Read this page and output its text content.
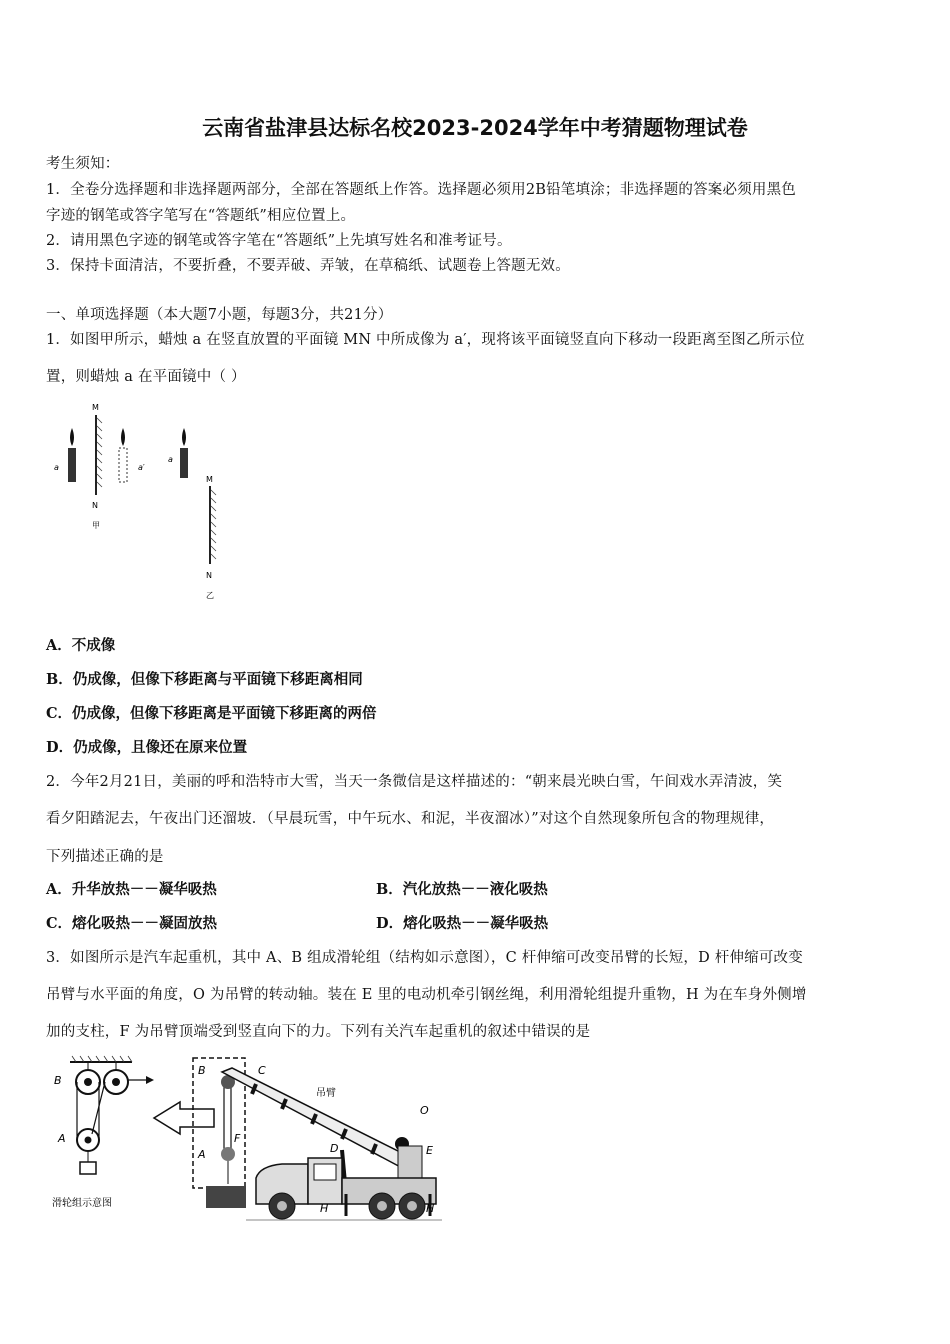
云南省盐津县达标名校2023-2024学年中考猜题物理试卷
考生须知：
1．全卷分选择题和非选择题两部分，全部在答题纸上作答。选择题必须用2B铅笔填涂；非选择题的答案必须用黑色
字迹的钢笔或答字笔写在“答题纸”相应位置上。
2．请用黑色字迹的钢笔或答字笔在“答题纸”上先填写姓名和准考证号。
3．保持卡面清洁，不要折叠，不要弄破、弄皱，在草稿纸、试题卷上答题无效。
一、单项选择题（本大题7小题，每题3分，共21分）
1．如图甲所示，蜡烛 a 在竖直放置的平面镜 MN 中所成像为 a′，现将该平面镜竖直向下移动一段距离至图乙所示位
置，则蜡烛 a 在平面镜中（ ）
M
N
甲
a	a′
a
M
N
乙
A．不成像
B．仍成像，但像下移距离与平面镜下移距离相同
C．仍成像，但像下移距离是平面镜下移距离的两倍
D．仍成像，且像还在原来位置
2．今年2月21日，美丽的呼和浩特市大雪，当天一条微信是这样描述的：“朝来晨光映白雪，午间戏水弄清波，笑
看夕阳踏泥去，午夜出门还溜坡．（早晨玩雪，中午玩水、和泥，半夜溜冰）”对这个自然现象所包含的物理规律，
下列描述正确的是
A．升华放热－－凝华吸热	B．汽化放热－－液化吸热
C．熔化吸热－－凝固放热	D．熔化吸热－－凝华吸热
3．如图所示是汽车起重机，其中 A、B 组成滑轮组（结构如示意图），C 杆伸缩可改变吊臂的长短，D 杆伸缩可改变
吊臂与水平面的角度，O 为吊臂的转动轴。装在 E 里的电动机牵引钢丝绳，利用滑轮组提升重物，H 为在车身外侧增
加的支柱，F 为吊臂顶端受到竖直向下的力。下列有关汽车起重机的叙述中错误的是
B
A
滑轮组示意图
B
A
F
C
吊臂
O
D	E
H	H
